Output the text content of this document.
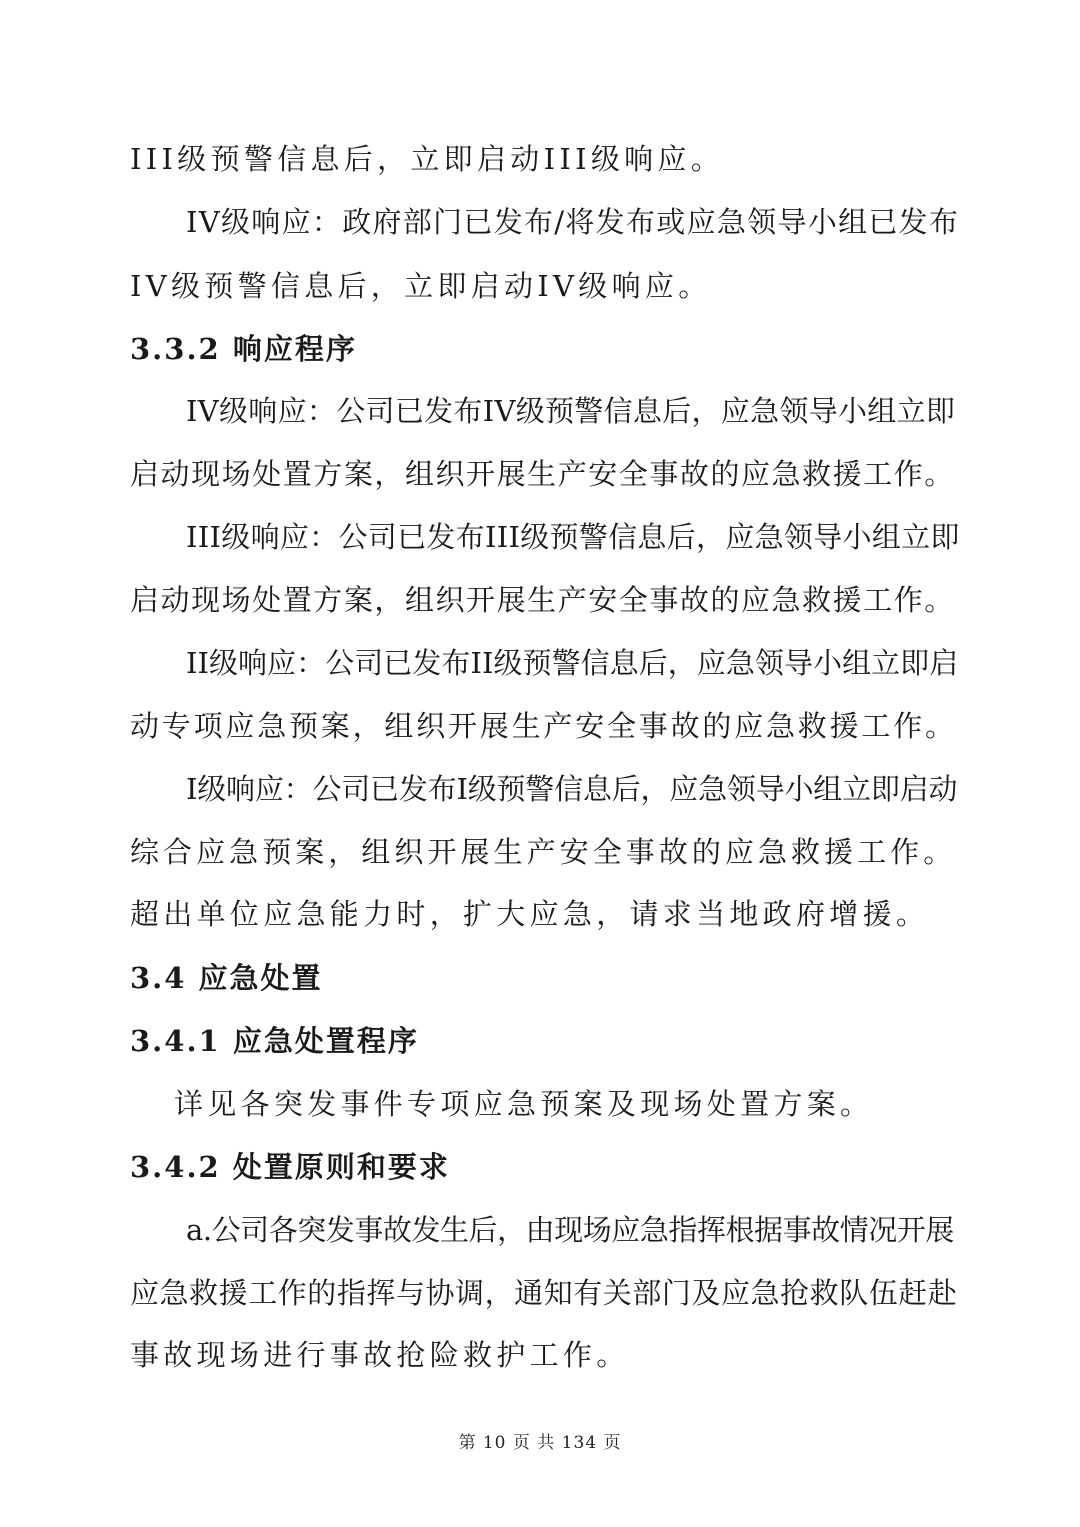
III级预警信息后，立即启动III级响应。
IV级响应：政府部门已发布/将发布或应急领导小组已发布
IV级预警信息后，立即启动IV级响应。
3.3.2 响应程序
IV级响应：公司已发布IV级预警信息后，应急领导小组立即
启动现场处置方案，组织开展生产安全事故的应急救援工作。
III级响应：公司已发布III级预警信息后，应急领导小组立即
启动现场处置方案，组织开展生产安全事故的应急救援工作。
II级响应：公司已发布II级预警信息后，应急领导小组立即启
动专项应急预案，组织开展生产安全事故的应急救援工作。
I级响应：公司已发布I级预警信息后，应急领导小组立即启动
综合应急预案，组织开展生产安全事故的应急救援工作。
超出单位应急能力时，扩大应急，请求当地政府增援。
3.4 应急处置
3.4.1 应急处置程序
详见各突发事件专项应急预案及现场处置方案。
3.4.2 处置原则和要求
a.公司各突发事故发生后，由现场应急指挥根据事故情况开展
应急救援工作的指挥与协调，通知有关部门及应急抢救队伍赶赴
事故现场进行事故抢险救护工作。
第 10 页 共 134 页
